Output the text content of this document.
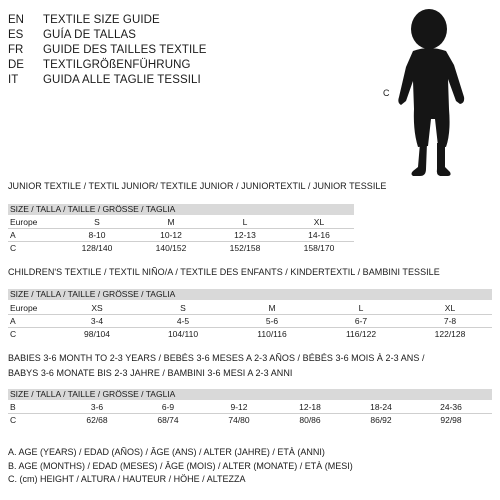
EN	TEXTILE SIZE GUIDE
ES	GUÍA DE TALLAS
FR	GUIDE DES TAILLES TEXTILE
DE	TEXTILGRÖßENFÜHRUNG
IT	GUIDA ALLE TAGLIE TESSILI
C
JUNIOR TEXTILE / TEXTIL JUNIOR/ TEXTILE JUNIOR / JUNIORTEXTIL / JUNIOR TESSILE
SIZE / TALLA / TAILLE / GRÖSSE / TAGLIA
Europe	S	M	L	XL
A	8-10	10-12	12-13	14-16
C	128/140	140/152	152/158	158/170
CHILDREN'S TEXTILE / TEXTIL NIÑO/A / TEXTILE DES ENFANTS / KINDERTEXTIL / BAMBINI TESSILE
SIZE / TALLA / TAILLE / GRÖSSE / TAGLIA
Europe	XS	S	M	L	XL
A	3-4	4-5	5-6	6-7	7-8
C	98/104	104/110	110/116	116/122	122/128
BABIES 3-6 MONTH TO 2-3 YEARS / BEBÉS 3-6 MESES A 2-3 AÑOS / BÉBÉS 3-6 MOIS À 2-3 ANS /
BABYS 3-6 MONATE BIS 2-3 JAHRE / BAMBINI 3-6 MESI A 2-3 ANNI
SIZE / TALLA / TAILLE / GRÖSSE / TAGLIA
B	3-6	6-9	9-12	12-18	18-24	24-36
C	62/68	68/74	74/80	80/86	86/92	92/98
A. AGE (YEARS) / EDAD (AÑOS) / ÂGE (ANS) / ALTER (JAHRE) / ETÀ (ANNI)
B. AGE (MONTHS) / EDAD (MESES) / ÂGE (MOIS) / ALTER (MONATE) / ETÀ (MESI)
C. (cm) HEIGHT / ALTURA / HAUTEUR / HÖHE / ALTEZZA
